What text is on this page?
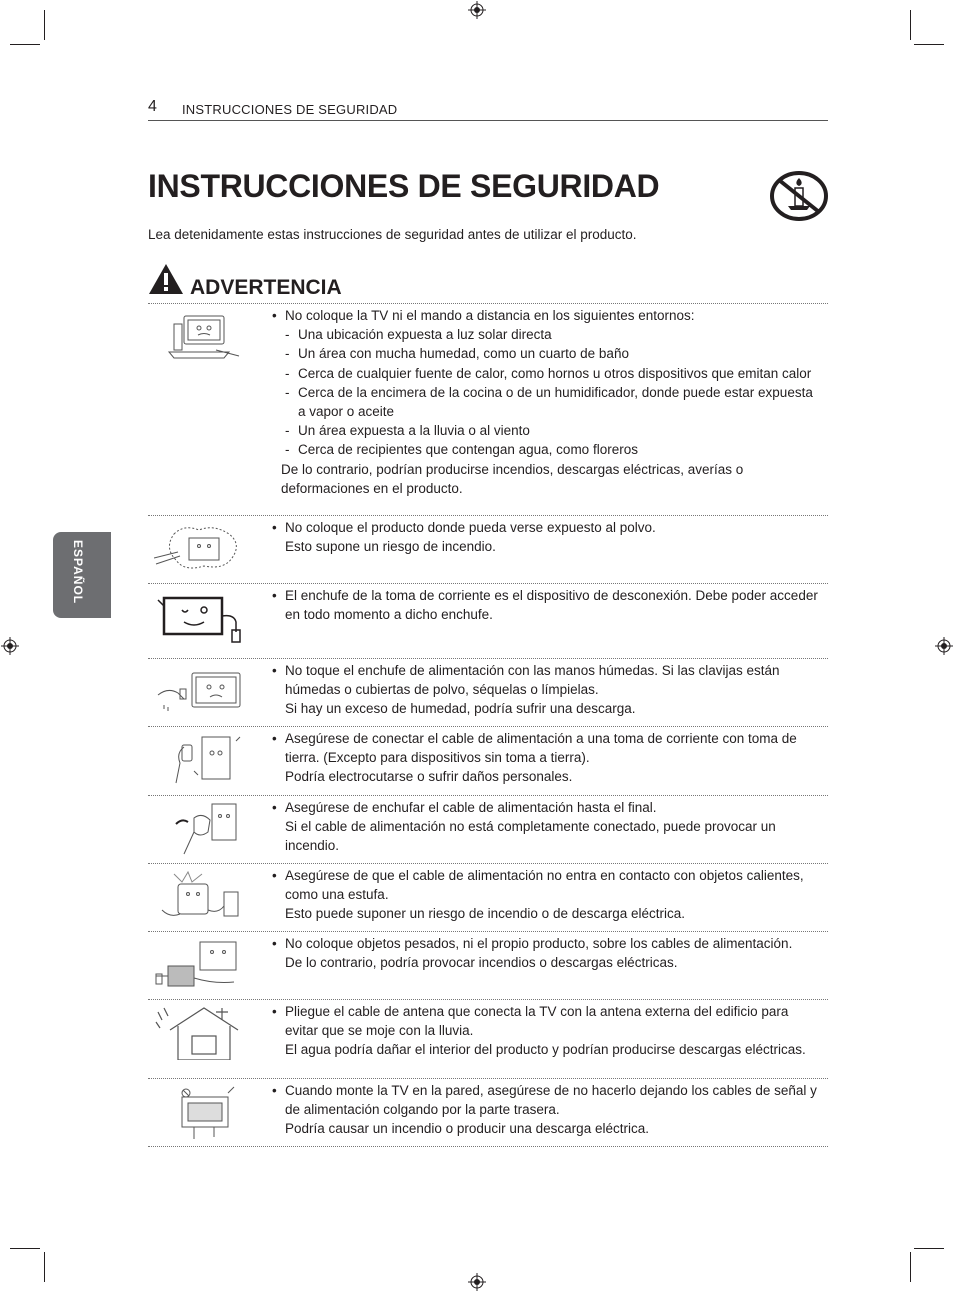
4 INSTRUCCIONES DE SEGURIDAD
INSTRUCCIONES DE SEGURIDAD
Lea detenidamente estas instrucciones de seguridad antes de utilizar el producto.
ESPAÑOL
ADVERTENCIA

• No coloque la TV ni el mando a distancia en los siguientes entornos:

- Una ubicación expuesta a luz solar directa

- Un área con mucha humedad, como un cuarto de baño

- Cerca de cualquier fuente de calor, como hornos u otros dispositivos que emitan calor

- Cerca de la encimera de la cocina o de un humidificador, donde puede estar expuesta a vapor o aceite

- Un área expuesta a la lluvia o al viento

- Cerca de recipientes que contengan agua, como floreros

De lo contrario, podrían producirse incendios, descargas eléctricas, averías o deformaciones en el producto.

• No coloque el producto donde pueda verse expuesto al polvo.

Esto supone un riesgo de incendio.

• El enchufe de la toma de corriente es el dispositivo de desconexión. Debe poder acceder en todo momento a dicho enchufe.

• No toque el enchufe de alimentación con las manos húmedas. Si las clavijas están húmedas o cubiertas de polvo, séquelas o límpielas.

Si hay un exceso de humedad, podría sufrir una descarga.

• Asegúrese de conectar el cable de alimentación a una toma de corriente con toma de tierra. (Excepto para dispositivos sin toma a tierra).

Podría electrocutarse o sufrir daños personales.

• Asegúrese de enchufar el cable de alimentación hasta el final.

Si el cable de alimentación no está completamente conectado, puede provocar un incendio.

• Asegúrese de que el cable de alimentación no entra en contacto con objetos calientes, como una estufa.

Esto puede suponer un riesgo de incendio o de descarga eléctrica.

• No coloque objetos pesados, ni el propio producto, sobre los cables de alimentación.

De lo contrario, podría provocar incendios o descargas eléctricas.

• Pliegue el cable de antena que conecta la TV con la antena externa del edificio para evitar que se moje con la lluvia.

El agua podría dañar el interior del producto y podrían producirse descargas eléctricas.

• Cuando monte la TV en la pared, asegúrese de no hacerlo dejando los cables de señal y de alimentación colgando por la parte trasera.

Podría causar un incendio o producir una descarga eléctrica.
